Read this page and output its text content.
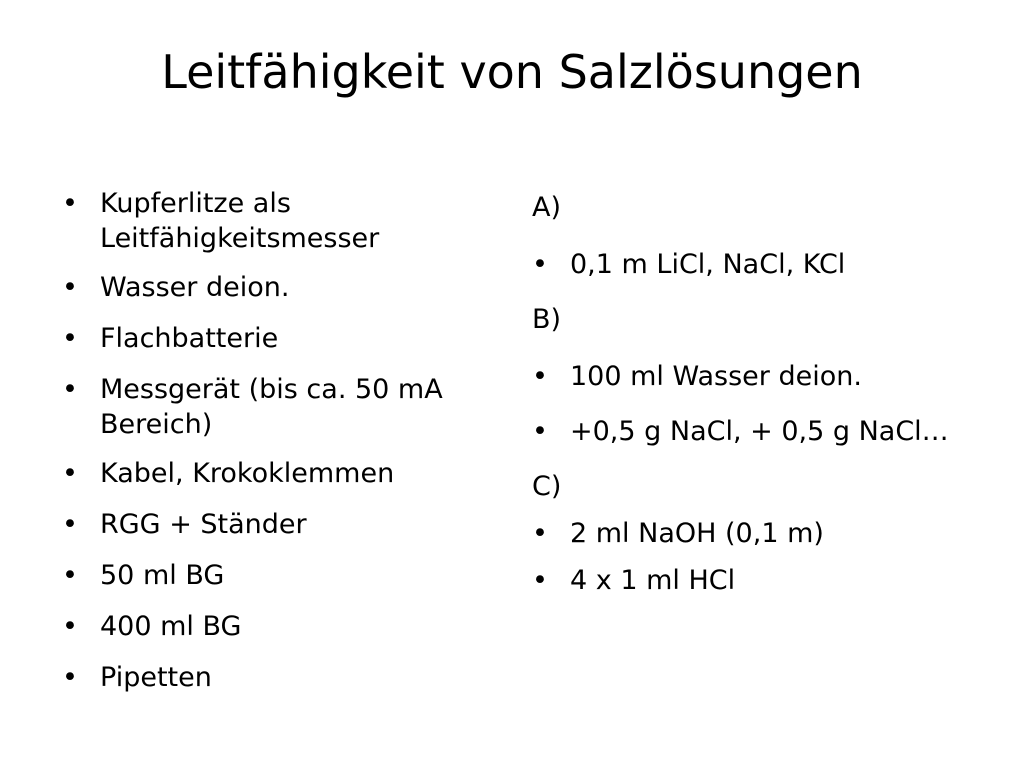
Leitfähigkeit von Salzlösungen
• Kupferlitze als Leitfähigkeitsmesser
• Wasser deion.
• Flachbatterie
• Messgerät (bis ca. 50 mA Bereich)
• Kabel, Krokoklemmen
• RGG + Ständer
• 50 ml BG
• 400 ml BG
• Pipetten
A)
• 0,1 m LiCl, NaCl, KCl
B)
• 100 ml Wasser deion.
• +0,5 g NaCl, + 0,5 g NaCl…
C)
• 2 ml NaOH (0,1 m)
• 4 x 1 ml HCl
